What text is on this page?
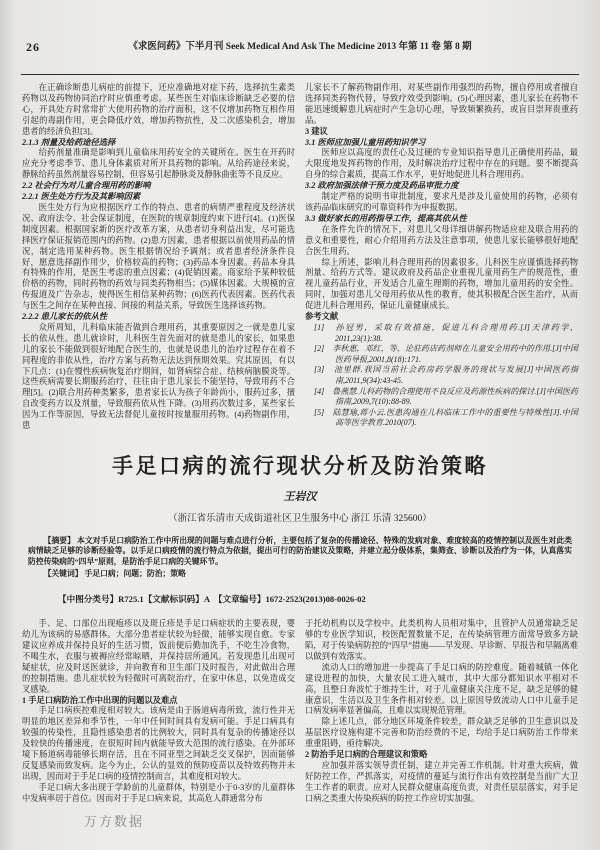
26	《求医问药》下半月刊 Seek Medical And Ask The Medicine 2013 年第 11 卷 第 8 期

在正确诊断患儿病症的前提下，还应准确地对症下药，选择抗生素类药物以及药物协同治疗时应慎重考虑。某些医生对临床诊断缺乏必要的信心，开具处方时常常扩大使用药物的治疗面积，这不仅增加药物互相作用引起的毒副作用，更会降低疗效，增加药物抗性，及二次感染机会，增加患者的经济负担[3]。

2.1.3 剂量及给药途径选择

给药剂量准确是影响到儿童临床用药安全的关键所在。医生在开药时应充分考虑季节、患儿身体素质对所开具药物的影响。从给药途径来说，静脉给药虽然剂量容易控制，但容易引起静脉炎及静脉曲张等不良反应。

2.2 社会行为对儿童合理用药的影响

2.2.1 医生处方行为及其影响因素

医生处方行为应根据医疗工作的特点、患者的病情严重程度及经济状况、政府法令、社会保证制度，在医院的规章制度约束下进行[4]。(1)医保制度因素。根据国家新的医疗改革方案，从患者切身利益出发，尽可能选择医疗保证报销范围内的药物。(2)患方因素，患者根据以前使用药品的情况，制定选用某种药物。医生根据情况给予调剂；或者患者经济条件良好，愿意选择副作用少，价格较高的药物；(3)药品本身因素。药品本身具有特殊的作用，是医生考虑的重点因素；(4)促销因素。商家给予某种较低价格的药物，同时药物的药效与同类药物相当；(5)媒体因素。大规模的宣传报道及广告杂志，使得医生相信某种药物；(6)医药代表因素。医药代表与医生之间存在某种直接、间接的利益关系，导致医生选择该药物。

2.2.2 患儿家长的依从性

众所周知，儿科临床能否做到合理用药，其重要原因之一就是患儿家长的依从性。患儿就诊时，儿科医生首先面对的就是患儿的家长，如果患儿的家长不能做到很好地配合医生的，也就是说患儿的治疗过程存在着不同程度的非依从性，治疗方案与药物无法达到预期效果。究其原因，有以下几点：(1)在慢性疾病恢复治疗期间，如肾病综合症、结核病脑膜炎等。这些疾病需要长期服药治疗，往往由于患儿家长不能坚持，导致用药不合理[5]。(2)联合用药种类繁多，患者家长认为孩子年龄尚小，服药过多，擅自改变药方以及剂量，导致服药依从性下降。(3)用药次数过多，某些家长因为工作等原因，导致无法督促儿童按时按量服用药物。(4)药物副作用，患

儿家长不了解药物副作用，对某些副作用强烈的药物，擅自停用或者擅自选择同类药物代替，导致疗效受到影响。(5)心理因素，患儿家长在药物不能迅速缓解患儿病症时产生急切心理，导致频繁换药，或盲目崇拜贵重药品。

3 建议

3.1 医师应加强儿童用药知识学习

医师应以高度的责任心及过硬的专业知识指导患儿正确使用药品，最大限度地发挥药物的作用，及时解决治疗过程中存在的问题。要不断提高自身的综合素质，提高工作水平，更好地促进儿科合理用药。

3.2 政府加强法律干预力度及药品审批力度

制定严格的说明书审批制度，要求凡是涉及儿童使用的药物，必须有该药品临床研究的可靠资料作为申报数据。

3.3 做好家长的用药指导工作，提高其依从性

在条件允许的情况下，对患儿父母详细讲解药物适应症及联合用药的意义和重要性，耐心介绍用药方法及注意事项，使患儿家长能够很好地配合医生用药。

综上所述，影响儿科合理用药的因素很多。儿科医生应谨慎选择药物剂量、给药方式等。建议政府及药品企业重视儿童用药生产的规范性，重视儿童药品行业，开发适合儿童生理期的药物，增加儿童用药的安全性。同时，加强对患儿父母用药依从性的教育，使其积极配合医生治疗，从而促进儿科合理用药，保证儿童健康成长。

参考文献

[1]　孙冠男，采取有效措施，促进儿科合理用药.[J]天津药学，2011,23(1):38.

[2]　李秋惠，邓红，等，论驻药店药剂师在儿童安全用药中的作用.[J]中国医药导报,2001,8(18):171.

[3]　池里群.我国当前社会药房药学服务的现状与发展[J]中国医药指南,2011,9(34):43-45.

[4]　鲁燕慧.儿科药物的合理使用不良反应及药源性疾病的探讨.[J]中国医药指南,2009,7(10):88-89.

[5]　陆慧瑜,蒋小云.医患沟通在儿科临床工作中的重要性与特殊性[J].中国高等医学教育.2010(07).

手足口病的流行现状分析及防治策略
王岩汉
（浙江省乐清市天成街道社区卫生服务中心 浙江 乐清 325600）
【摘要】 本文对手足口病防治工作中所出现的问题与难点进行分析，主要包括了复杂的传播途径、特殊的发病对象、难度较高的疫情控制以及医生对此类病情缺乏足够的诊断经验等。以手足口病疫情的流行特点为依据，提出可行的防治建议及策略，并建立起分级体系，集筛查、诊断以及治疗为一体，认真落实防控传染病的“四早”原则，是防治手足口病的关键环节。
【关键词】 手足口病；问题；防治；策略
【中图分类号】R725.1【文献标识码】A　【文章编号】1672-2523(2013)08-0026-02

手、足、口部位出现疱疹以及斑丘疹是手足口病症状的主要表现，婴幼儿为该病的易感群体。大部分患者症状较为轻微，能够实现自愈。专家建议应养成并保持良好的生活习惯，饭前便后勤加洗手，不吃生冷食物，不喝生水，衣服与被褥应经常晾晒，并保持居所通风。若发现患儿出现可疑症状，应及时送医就诊，并向教育和卫生部门及时报告，对此做出合理的控制措施。患儿症状较为轻微时可离院治疗，在家中休息，以免造成交叉感染。

1 手足口病防治工作中出现的问题以及难点

手足口病疾控难度相对较大。该病是由于肠道病毒所致，流行性并无明显的地区差异和季节性，一年中任何时间具有发病可能。手足口病具有较强的传染性，且隐性感染患者的比例较大，同时具有复杂的传播途径以及较快的传播速度，在很短时间内就能导致大范围的流行感染。在外部环境下肠道病毒能够长期存活，且在不同亚型之间缺乏交叉保护，因而能够反复感染而致发病。迄今为止，公认的显效的预防疫苗以及特效药物并未出现，因而对于手足口病的疫情控制而言，其难度相对较大。

手足口病大多出现于学龄前的儿童群体，特别是小于0-3岁的儿童群体中发病率居于首位。因而对于手足口病来说，其高危人群通常分布

于托幼机构以及学校中。此类机构人员相对集中，且管护人员通常缺乏足够的专业医学知识，校医配置数量不足，在传染病管理方面常导致多方缺陷，对于传染病防控的“四早”措施——早发现、早诊断、早报告和早隔离难以做到有效落实。

流动人口的增加进一步提高了手足口病的防控难度。随着城镇一体化建设进程的加快，大量农民工进入城市，其中大部分都知识水平相对不高，且整日奔波忙于维持生计，对于儿童健康关注度不足，缺乏足够的健康意识，生活以及卫生条件相对较差。以上原因导致流动人口中儿童手足口病发病率显著偏高，且难以实现规范管理。

除上述几点，部分地区环境条件较差，群众缺乏足够的卫生意识以及基层医疗设施构建不完善和防治经费的不足，均给手足口病防治工作带来重重阻碍，亟待解决。

2 防治手足口病的合理建议和策略

应加强并落实领导责任制，建立并完善工作机制。针对重大疾病，做好防控工作，严抓落实，对疫情的蔓延与流行作出有效控制是当前广大卫生工作者的职责。应对人民群众健康高度负责，对责任层层落实，对手足口病之类重大传染疾病的防控工作应切实加强。

万方数据
